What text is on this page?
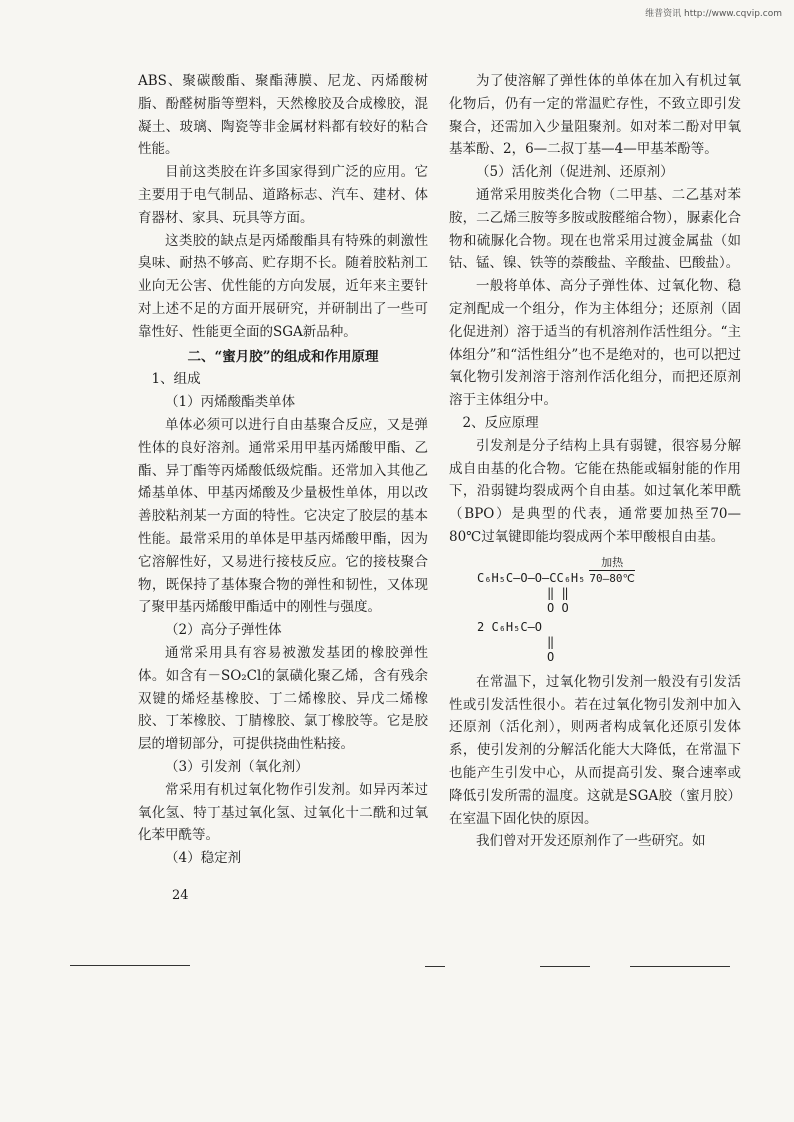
维普资讯 http://www.cqvip.com

ABS、聚碳酸酯、聚酯薄膜、尼龙、丙烯酸树脂、酚醛树脂等塑料，天然橡胶及合成橡胶，混凝土、玻璃、陶瓷等非金属材料都有较好的粘合性能。

目前这类胶在许多国家得到广泛的应用。它主要用于电气制品、道路标志、汽车、建材、体育器材、家具、玩具等方面。

这类胶的缺点是丙烯酸酯具有特殊的刺激性臭味、耐热不够高、贮存期不长。随着胶粘剂工业向无公害、优性能的方向发展，近年来主要针对上述不足的方面开展研究，并研制出了一些可靠性好、性能更全面的SGA新品种。

二、“蜜月胶”的组成和作用原理

1、组成

（1）丙烯酸酯类单体

单体必须可以进行自由基聚合反应，又是弹性体的良好溶剂。通常采用甲基丙烯酸甲酯、乙酯、异丁酯等丙烯酸低级烷酯。还常加入其他乙烯基单体、甲基丙烯酸及少量极性单体，用以改善胶粘剂某一方面的特性。它决定了胶层的基本性能。最常采用的单体是甲基丙烯酸甲酯，因为它溶解性好，又易进行接枝反应。它的接枝聚合物，既保持了基体聚合物的弹性和韧性，又体现了聚甲基丙烯酸甲酯适中的刚性与强度。

（2）高分子弹性体

通常采用具有容易被激发基团的橡胶弹性体。如含有－SO₂Cl的氯磺化聚乙烯，含有残余双键的烯烃基橡胶、丁二烯橡胶、异戊二烯橡胶、丁苯橡胶、丁腈橡胶、氯丁橡胶等。它是胶层的增韧部分，可提供挠曲性粘接。

（3）引发剂（氧化剂）

常采用有机过氧化物作引发剂。如异丙苯过氧化氢、特丁基过氧化氢、过氧化十二酰和过氧化苯甲酰等。

（4）稳定剂

为了使溶解了弹性体的单体在加入有机过氧化物后，仍有一定的常温贮存性，不致立即引发聚合，还需加入少量阻聚剂。如对苯二酚对甲氧基苯酚、2，6—二叔丁基—4—甲基苯酚等。

（5）活化剂（促进剂、还原剂）

通常采用胺类化合物（二甲基、二乙基对苯胺，二乙烯三胺等多胺或胺醛缩合物），脲素化合物和硫脲化合物。现在也常采用过渡金属盐（如钴、锰、镍、铁等的萘酸盐、辛酸盐、巴酸盐）。

一般将单体、高分子弹性体、过氧化物、稳定剂配成一个组分，作为主体组分；还原剂（固化促进剂）溶于适当的有机溶剂作活性组分。“主体组分”和“活性组分”也不是绝对的，也可以把过氧化物引发剂溶于溶剂作活化组分，而把还原剂溶于主体组分中。

2、反应原理

引发剂是分子结构上具有弱键，很容易分解成自由基的化合物。它能在热能或辐射能的作用下，沿弱键均裂成两个自由基。如过氧化苯甲酰（BPO）是典型的代表，通常要加热至70—80℃过氧键即能均裂成两个苯甲酸根自由基。

C₆H₅C—O—O—CC₆H₅
加热
70—80℃
‖ ‖
O O
2 C₆H₅C—O
‖
O

在常温下，过氧化物引发剂一般没有引发活性或引发活性很小。若在过氧化物引发剂中加入还原剂（活化剂），则两者构成氧化还原引发体系，使引发剂的分解活化能大大降低，在常温下也能产生引发中心，从而提高引发、聚合速率或降低引发所需的温度。这就是SGA胶（蜜月胶）在室温下固化快的原因。

我们曾对开发还原剂作了一些研究。如

24
